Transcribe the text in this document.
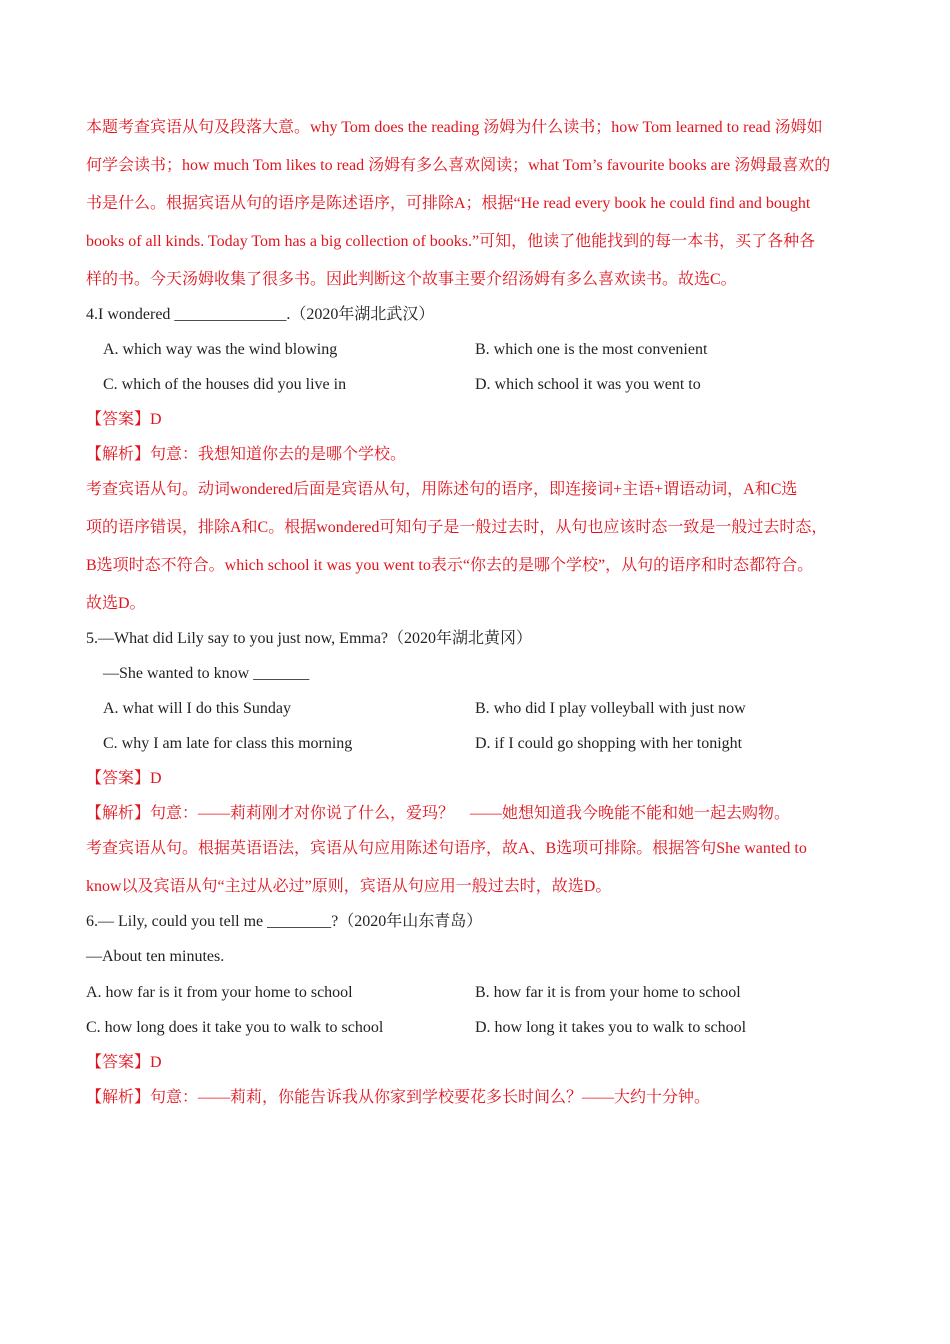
本题考查宾语从句及段落大意。why Tom does the reading 汤姆为什么读书；how Tom learned to read 汤姆如
何学会读书；how much Tom likes to read 汤姆有多么喜欢阅读；what Tom’s favourite books are 汤姆最喜欢的
书是什么。根据宾语从句的语序是陈述语序，可排除A；根据“He read every book he could find and bought
books of all kinds. Today Tom has a big collection of books.”可知，他读了他能找到的每一本书，买了各种各
样的书。今天汤姆收集了很多书。因此判断这个故事主要介绍汤姆有多么喜欢读书。故选C。
4.I wondered ______________.（2020年湖北武汉）
A. which way was the wind blowing	B. which one is the most convenient
C. which of the houses did you live in	D. which school it was you went to
【答案】D
【解析】句意：我想知道你去的是哪个学校。
考查宾语从句。动词wondered后面是宾语从句，用陈述句的语序，即连接词+主语+谓语动词，A和C选
项的语序错误，排除A和C。根据wondered可知句子是一般过去时，从句也应该时态一致是一般过去时态，
B选项时态不符合。which school it was you went to表示“你去的是哪个学校”，从句的语序和时态都符合。
故选D。
5.—What did Lily say to you just now, Emma?（2020年湖北黄冈）
—She wanted to know _______
A. what will I do this Sunday	B. who did I play volleyball with just now
C. why I am late for class this morning	D. if I could go shopping with her tonight
【答案】D
【解析】句意：——莉莉刚才对你说了什么，爱玛？　——她想知道我今晚能不能和她一起去购物。
考查宾语从句。根据英语语法，宾语从句应用陈述句语序，故A、B选项可排除。根据答句She wanted to
know以及宾语从句“主过从必过”原则，宾语从句应用一般过去时，故选D。
6.— Lily, could you tell me ________?（2020年山东青岛）
—About ten minutes.
A. how far is it from your home to school	B. how far it is from your home to school
C. how long does it take you to walk to school	D. how long it takes you to walk to school
【答案】D
【解析】句意：——莉莉，你能告诉我从你家到学校要花多长时间么？——大约十分钟。
